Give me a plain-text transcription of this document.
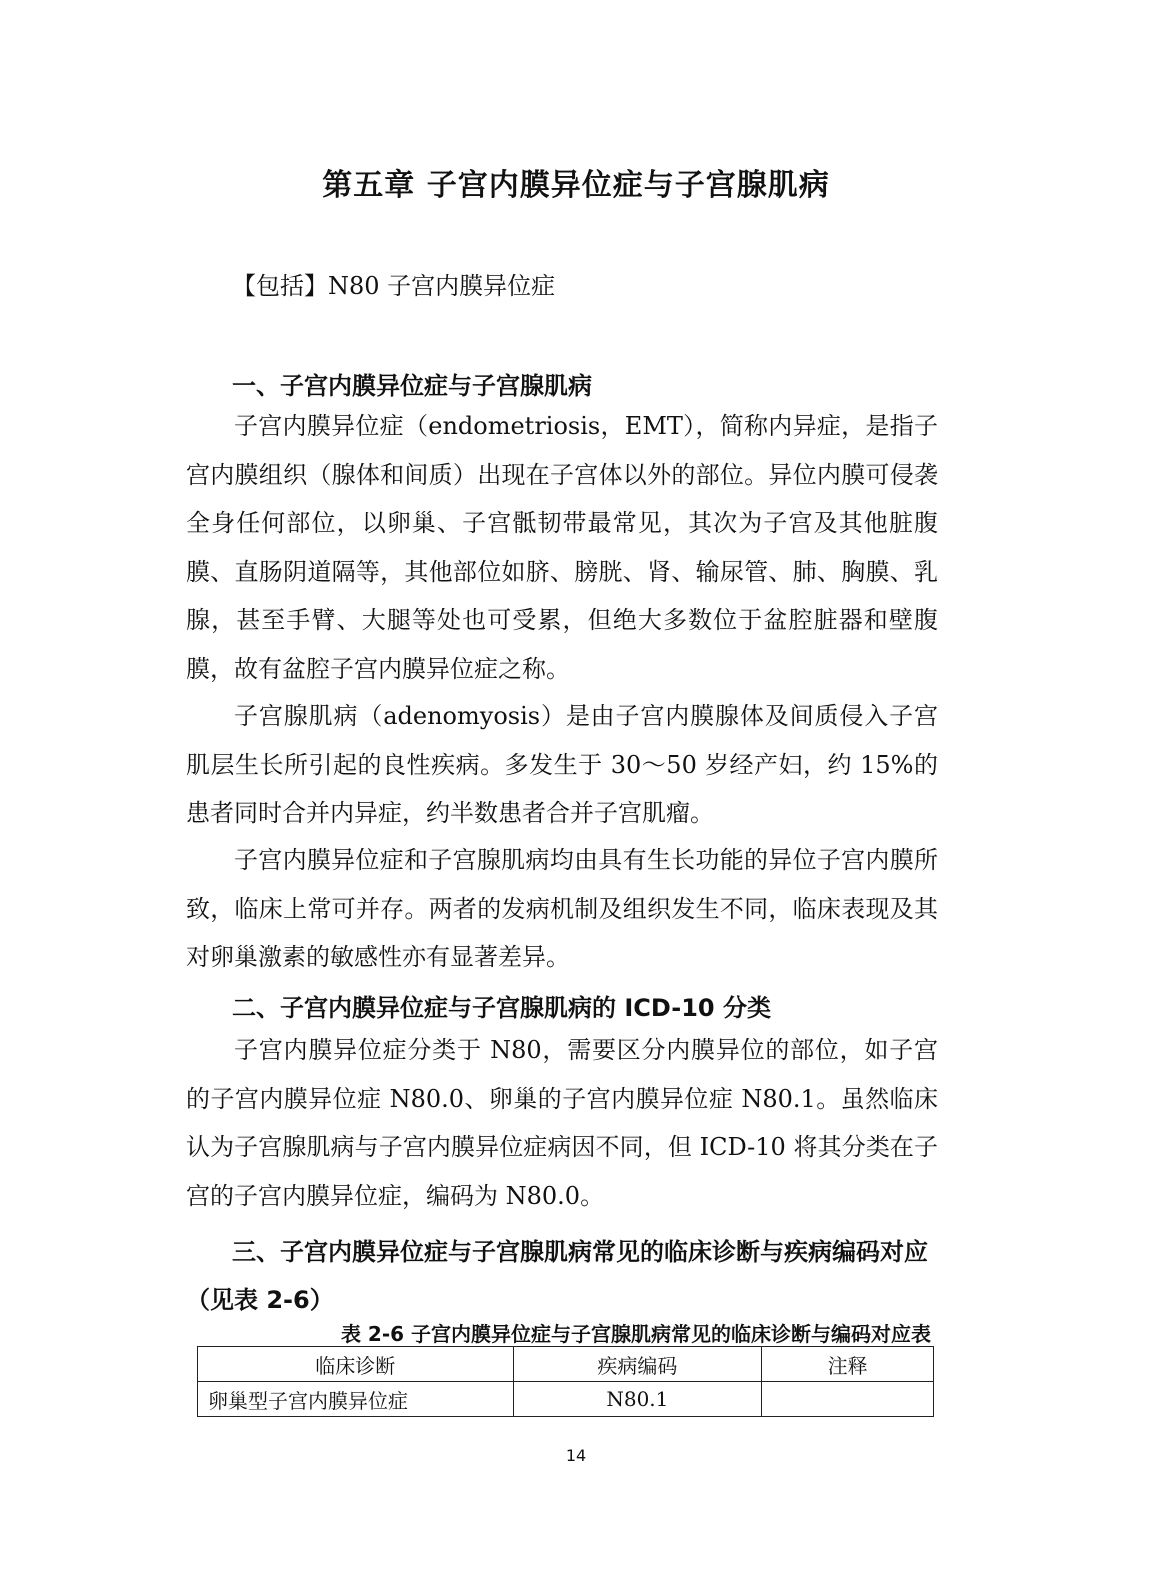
第五章 子宫内膜异位症与子宫腺肌病
【包括】N80 子宫内膜异位症
一、子宫内膜异位症与子宫腺肌病

子宫内膜异位症（endometriosis，EMT），简称内异症，是指子宫内膜组织（腺体和间质）出现在子宫体以外的部位。异位内膜可侵袭全身任何部位，以卵巢、子宫骶韧带最常见，其次为子宫及其他脏腹膜、直肠阴道隔等，其他部位如脐、膀胱、肾、输尿管、肺、胸膜、乳腺，甚至手臂、大腿等处也可受累，但绝大多数位于盆腔脏器和壁腹膜，故有盆腔子宫内膜异位症之称。

子宫腺肌病（adenomyosis）是由子宫内膜腺体及间质侵入子宫肌层生长所引起的良性疾病。多发生于 30～50 岁经产妇，约 15%的患者同时合并内异症，约半数患者合并子宫肌瘤。

子宫内膜异位症和子宫腺肌病均由具有生长功能的异位子宫内膜所致，临床上常可并存。两者的发病机制及组织发生不同，临床表现及其对卵巢激素的敏感性亦有显著差异。

二、子宫内膜异位症与子宫腺肌病的 ICD-10 分类

子宫内膜异位症分类于 N80，需要区分内膜异位的部位，如子宫的子宫内膜异位症 N80.0、卵巢的子宫内膜异位症 N80.1。虽然临床认为子宫腺肌病与子宫内膜异位症病因不同，但 ICD-10 将其分类在子宫的子宫内膜异位症，编码为 N80.0。

三、子宫内膜异位症与子宫腺肌病常见的临床诊断与疾病编码对应（见表 2-6）
表 2-6 子宫内膜异位症与子宫腺肌病常见的临床诊断与编码对应表
临床诊断	疾病编码	注释
卵巢型子宫内膜异位症	N80.1	
14
